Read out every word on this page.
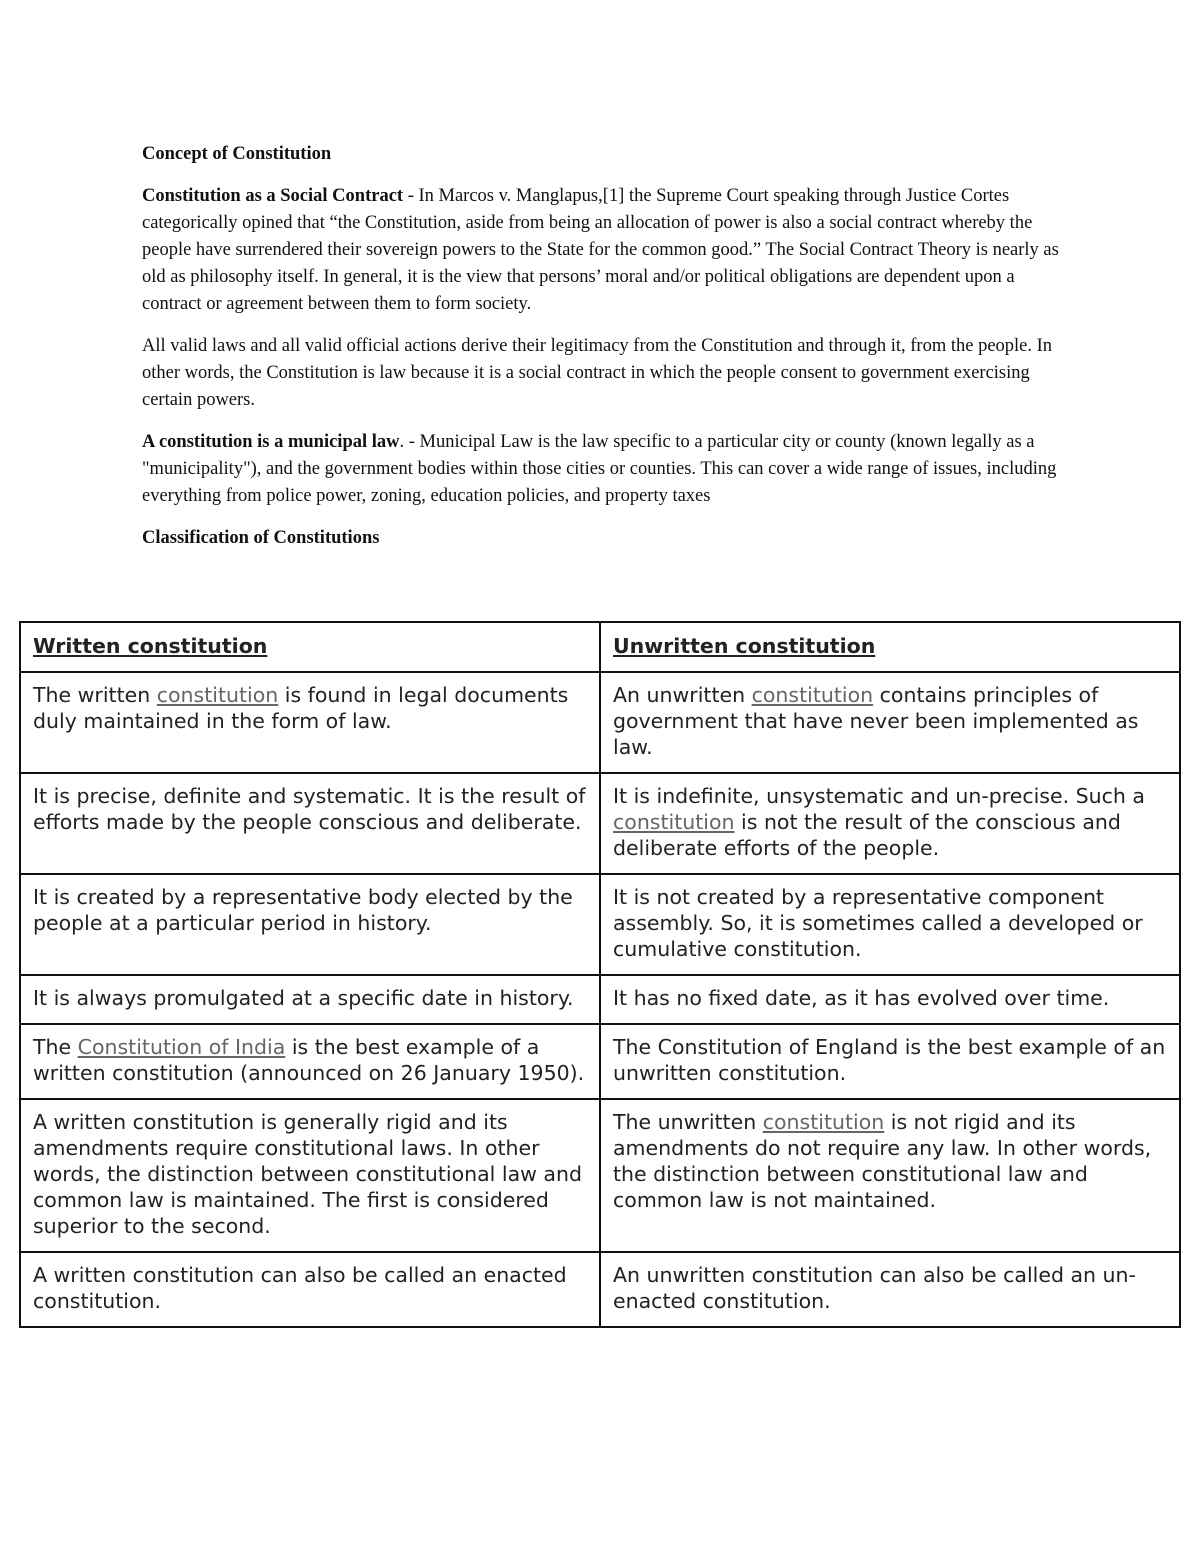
Concept of Constitution

Constitution as a Social Contract - In Marcos v. Manglapus,[1] the Supreme Court speaking through Justice Cortes categorically opined that “the Constitution, aside from being an allocation of power is also a social contract whereby the people have surrendered their sovereign powers to the State for the common good.” The Social Contract Theory is nearly as old as philosophy itself. In general, it is the view that persons’ moral and/or political obligations are dependent upon a contract or agreement between them to form society.

All valid laws and all valid official actions derive their legitimacy from the Constitution and through it, from the people. In other words, the Constitution is law because it is a social contract in which the people consent to government exercising certain powers.

A constitution is a municipal law. - Municipal Law is the law specific to a particular city or county (known legally as a "municipality"), and the government bodies within those cities or counties. This can cover a wide range of issues, including everything from police power, zoning, education policies, and property taxes

Classification of Constitutions

Written constitution	Unwritten constitution
The written constitution is found in legal documents duly maintained in the form of law.	An unwritten constitution contains principles of government that have never been implemented as law.
It is precise, definite and systematic. It is the result of efforts made by the people conscious and deliberate.	It is indefinite, unsystematic and un-precise. Such a constitution is not the result of the conscious and deliberate efforts of the people.
It is created by a representative body elected by the people at a particular period in history.	It is not created by a representative component assembly. So, it is sometimes called a developed or cumulative constitution.
It is always promulgated at a specific date in history.	It has no fixed date, as it has evolved over time.
The Constitution of India is the best example of a written constitution (announced on 26 January 1950).	The Constitution of England is the best example of an unwritten constitution.
A written constitution is generally rigid and its amendments require constitutional laws. In other words, the distinction between constitutional law and common law is maintained. The first is considered superior to the second.	The unwritten constitution is not rigid and its amendments do not require any law. In other words, the distinction between constitutional law and common law is not maintained.
A written constitution can also be called an enacted constitution.	An unwritten constitution can also be called an un-enacted constitution.
